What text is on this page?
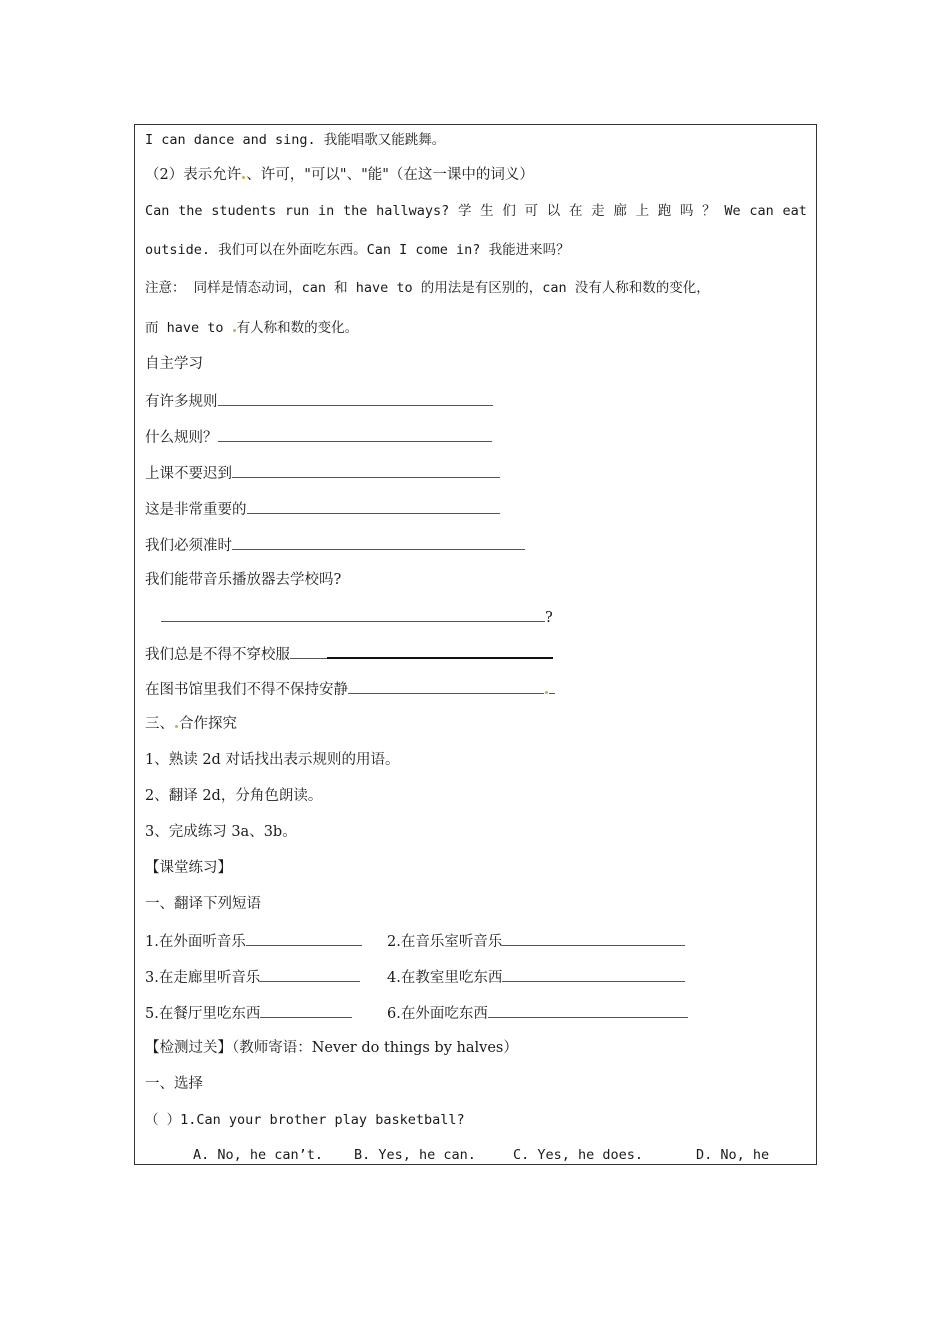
I can dance and sing. 我能唱歌又能跳舞。
（2）表示允许 、许可，"可以"、"能"（在这一课中的词义）
Can the students run in the hallways? 学 生 们 可 以 在 走 廊 上 跑 吗 ？ We can eat
outside. 我们可以在外面吃东西。Can I come in? 我能进来吗？
注意： 同样是情态动词，can 和 have to 的用法是有区别的，can 没有人称和数的变化，
而 have to 有人称和数的变化。
自主学习
有许多规则
什么规则？
上课不要迟到
这是非常重要的
我们必须准时
我们能带音乐播放器去学校吗?
?
我们总是不得不穿校服
在图书馆里我们不得不保持安静
三、 合作探究
1、熟读 2d 对话找出表示规则的用语。
2、翻译 2d，分角色朗读。
3、完成练习 3a、3b。
【课堂练习】
一、翻译下列短语
1.在外面听音乐	2.在音乐室听音乐
3.在走廊里听音乐	4.在教室里吃东西
5.在餐厅里吃东西	6.在外面吃东西
【检测过关】（教师寄语：Never do things by halves）
一、选择
（ ）1.Can your brother play basketball?
A. No, he can’t. B. Yes, he can.	C. Yes, he does.	D. No, he
